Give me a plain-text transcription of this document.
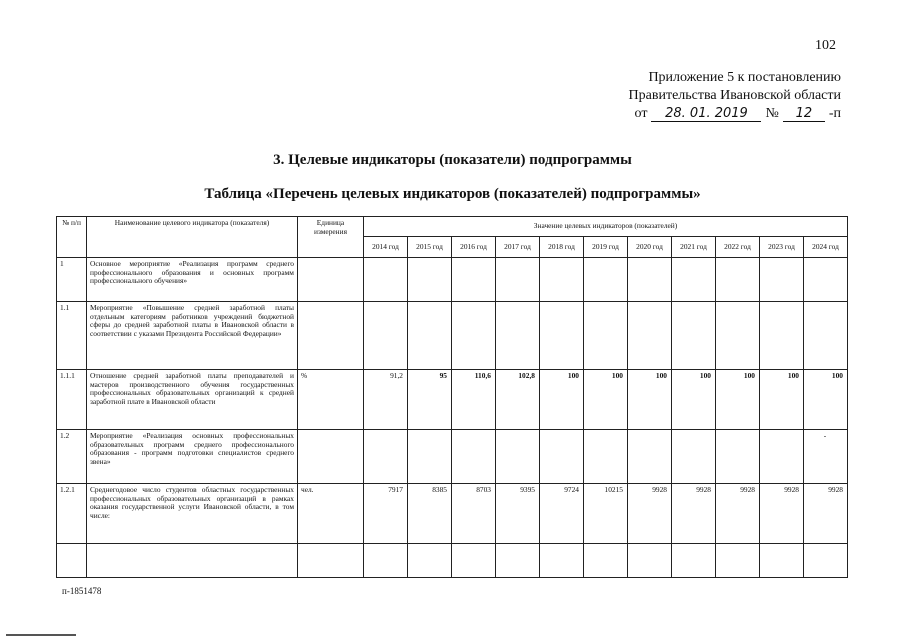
102
Приложение 5 к постановлению
Правительства Ивановской области
от	28. 01. 2019	№	12	-п
3. Целевые индикаторы (показатели) подпрограммы
Таблица «Перечень целевых индикаторов (показателей) подпрограммы»
№ п/п	Наименование целевого индикатора (показателя)	Единица измерения	Значение целевых индикаторов (показателей)										
			2014 год	2015 год	2016 год	2017 год	2018 год	2019 год	2020 год	2021 год	2022 год	2023 год	2024 год
1	Основное мероприятие «Реализация программ среднего профессионального образования и основных программ профессионального обучения»												
1.1	Мероприятие «Повышение средней заработной платы отдельным категориям работников учреждений бюджетной сферы до средней заработной платы в Ивановской области в соответствии с указами Президента Российской Федерации»												
1.1.1	Отношение средней заработной платы преподавателей и мастеров производственного обучения государственных профессиональных образовательных организаций к средней заработной плате в Ивановской области	%	91,2	95	110,6	102,8	100	100	100	100	100	100	100
1.2	Мероприятие «Реализация основных профессиональных образовательных программ среднего профессионального образования - программ подготовки специалистов среднего звена»												-
1.2.1	Среднегодовое число студентов областных государственных профессиональных образовательных организаций в рамках оказания государственной услуги Ивановской области, в том числе:	чел.	7917	8385	8703	9395	9724	10215	9928	9928	9928	9928	9928

п-1851478
